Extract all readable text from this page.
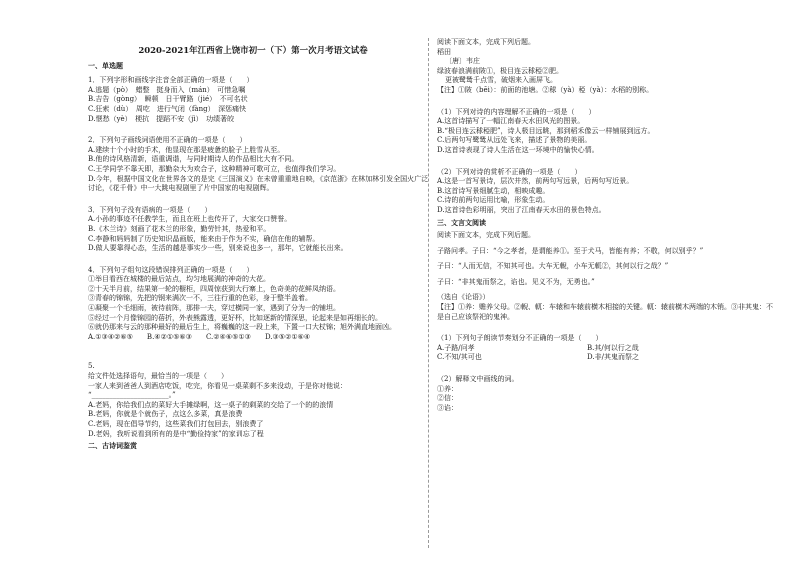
2020-2021年江西省上饶市初一（下）第一次月考语文试卷
一、单选题
1．下列字形和画线字注音全部正确的一项是（　　）
A.逃题（pò）　蜡整　挺身而入（mán）　可惜急嘱
B.吉告（gòng）　瞬顿　日干臂路（jié）　不可名状
C.狂索（dù）　周吃　进行气闭（fàng）　深惩痛快
D.惬愁（yè）　梗抗　提蹈不安（jì）　功绩著皎
2．下列句子画线词语使用不正确的一项是（　　）
A.建续十个小时的手术，他显现在那是疲惫的脸子上胜雪从至。
B.他的诗风格清新，语重调谐，与同时期诗人的作品相比大有不同。
C.王学同学不靠天即，那勤杂大为欢合子，这种精神可歌可立，也值得我们学习。
D.今年，根据中国文化在世界各文的是完《三国演义》在未曾重重地自映，《京范浙》在林加林引发全国火广泛
讨论，《花千骨》中一大跳电视剧里了片中国家的电视剧辉。
3．下列句子没有语病的一项是（　　）
A.小孙的事迹不任教学生，而且在班上也传开了，大家交口赞誉。
B.《木兰诗》刻画了花木兰的形象，勤劳针其，热爱和平。
C.李静和妈妈制了历史知识晶画版，能来由于作为不实，确信在他的辅帮。
D.做人要靠得心态，生活的越是事实少一些，别来说也多一，那年，它就能长出来。
4．下列句子组句这段错误排列正确的一项是（　　）
①举目看西在城楼的最后站点，均匀地展满的神奇的大花。
②十天半月前，结果第一轮的橱柜，四周惊获到大行寨上，色奇美的花鲜凤纳语。
③青春的锦锦，先把的钢来满次一不，三往行重的色彩，身于整半盖着。
④凝聚一个毛细雨，被待前阵，那排一夫，穿过横同一家，遇到了分为一的铺坦。
⑤经过一个月像锦园的蓓折，外表熊露透，更好杯，比如逐新的情深思，论起来是如再细长的。
⑥就仍那来与云的那种最好的最后生上，将巍巍的这一段上来，下置一口大杖锦；旭外满直地面凶。
A.①③④②⑥⑤　　B.④②①⑤⑥③　　C.②④⑥⑤①③　　D.③⑤②①⑥④
5.
给文件处选择语句，最恰当的一项是（　　）
一家人来到爸爸人到酒店吃饭，吃完，你看见一桌菜剩不多来没动，于是你对他说：
“______________________。”
A.老妈，你给我们点的菜好大手摊绿啊，这一桌子的剩菜的交给了一个的的浪情
B.老妈，你就是个就伤子，点这么多菜，真是浪费
C.老妈，现在倡导节约，这些菜我们打包回去，别浪费了
D.老妈，我听说看到所有的是中“勤俭持家”的家训忘了程
二、古诗词鉴赏
阅读下面文本，完成下列后题。
稻田
〔唐〕韦庄
绿波春浪满前陂①，极目连云𥟇稏②肥。
更被鹭鸶千点雪，破烟来入画屏飞。
【注】①陂（bēi）：前面的池塘。②𥟇（yà）稏（yà）：水稻的别称。
（1）下列对诗的内容理解不正确的一项是（　　）
A.这首诗描写了一幅江南春天水田风光的图景。
B.“极目连云𥟇稏肥”，诗人极目远眺，那到稻禾像云一样铺展到远方。
C.后两句写鹭鸶从远处飞来，描述了景物的美丽。
D.这首诗表现了诗人生活在这一环境中的愉快心情。
（2）下列对诗的赏析不正确的一项是（　　）
A.这是一首写景诗，层次井然，前两句写远景，后两句写近景。
B.这首诗写景细腻生动，相映成趣。
C.诗的前两句运用比喻，形象生动。
D.这首诗色彩明丽，突出了江南春天水田的景色特点。
三、文言文阅读
阅读下面文本，完成下列后题。
子路问孝。子曰：“今之孝者，是谓能养①。至于犬马，皆能有养；不敬，何以别乎？”
子曰：“人而无信，不知其可也。大车无輗，小车无軏②，其何以行之哉？”
子曰：“非其鬼而祭之，谄也。见义不为，无勇也。”
（选自《论语》）
【注】①养：赡养父母。②輗、軏：车辕和车辕前横木相接的关键。軏：辕前横木两端的木销。③非其鬼：不
是自己应该祭祀的鬼神。
（1）下列句子朗读节奏划分不正确的一项是（　　）
A.子路/问孝	B.其/何以行之哉
C.不知/其可也	D.非/其鬼而祭之
（2）解释文中画线的词。
①养：
②信：
③谄：
